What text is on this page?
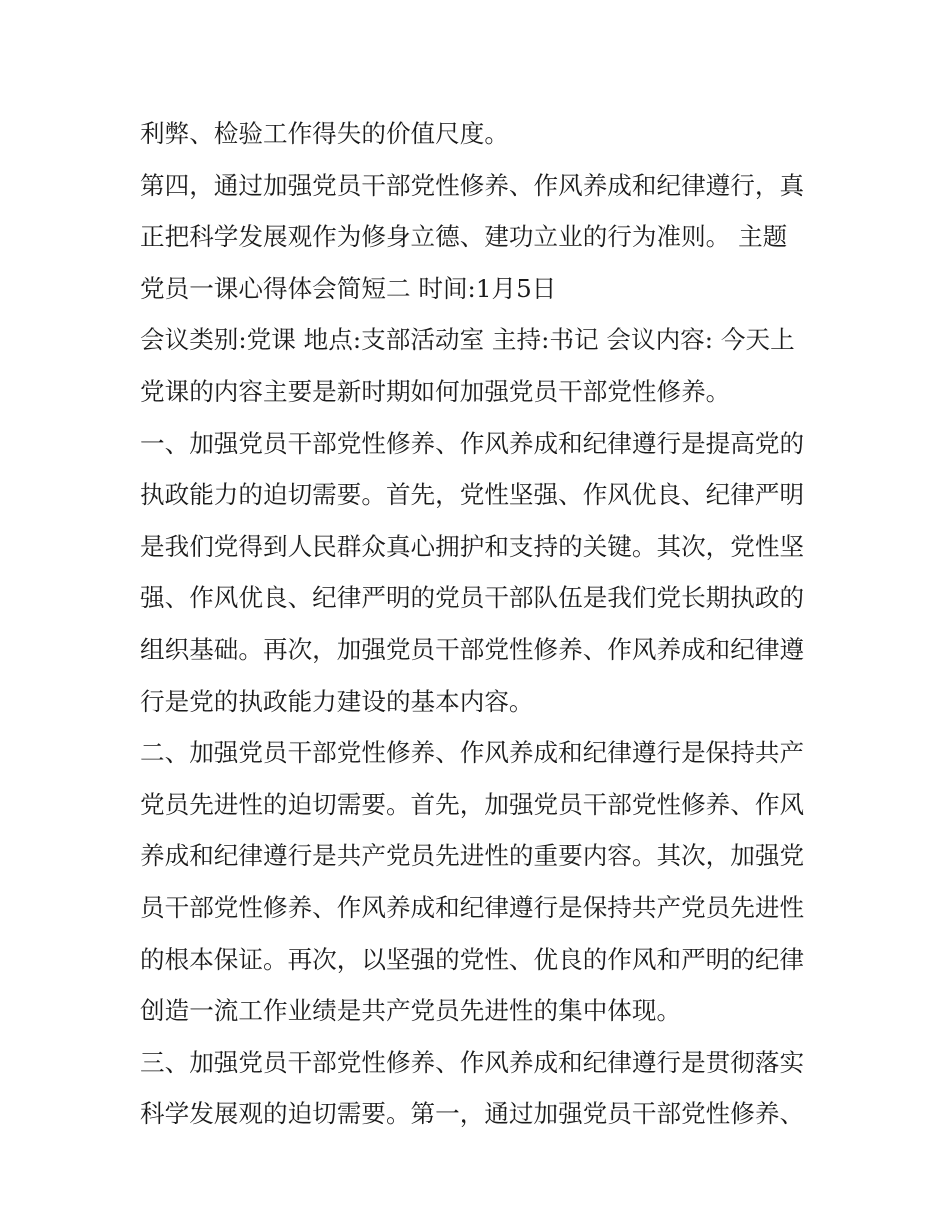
利弊、检验工作得失的价值尺度。
第四，通过加强党员干部党性修养、作风养成和纪律遵行，真
正把科学发展观作为修身立德、建功立业的行为准则。 主题
党员一课心得体会简短二 时间:1月5日
会议类别:党课 地点:支部活动室 主持:书记 会议内容: 今天上
党课的内容主要是新时期如何加强党员干部党性修养。
一、加强党员干部党性修养、作风养成和纪律遵行是提高党的
执政能力的迫切需要。首先，党性坚强、作风优良、纪律严明
是我们党得到人民群众真心拥护和支持的关键。其次，党性坚
强、作风优良、纪律严明的党员干部队伍是我们党长期执政的
组织基础。再次，加强党员干部党性修养、作风养成和纪律遵
行是党的执政能力建设的基本内容。
二、加强党员干部党性修养、作风养成和纪律遵行是保持共产
党员先进性的迫切需要。首先，加强党员干部党性修养、作风
养成和纪律遵行是共产党员先进性的重要内容。其次，加强党
员干部党性修养、作风养成和纪律遵行是保持共产党员先进性
的根本保证。再次，以坚强的党性、优良的作风和严明的纪律
创造一流工作业绩是共产党员先进性的集中体现。
三、加强党员干部党性修养、作风养成和纪律遵行是贯彻落实
科学发展观的迫切需要。第一，通过加强党员干部党性修养、
